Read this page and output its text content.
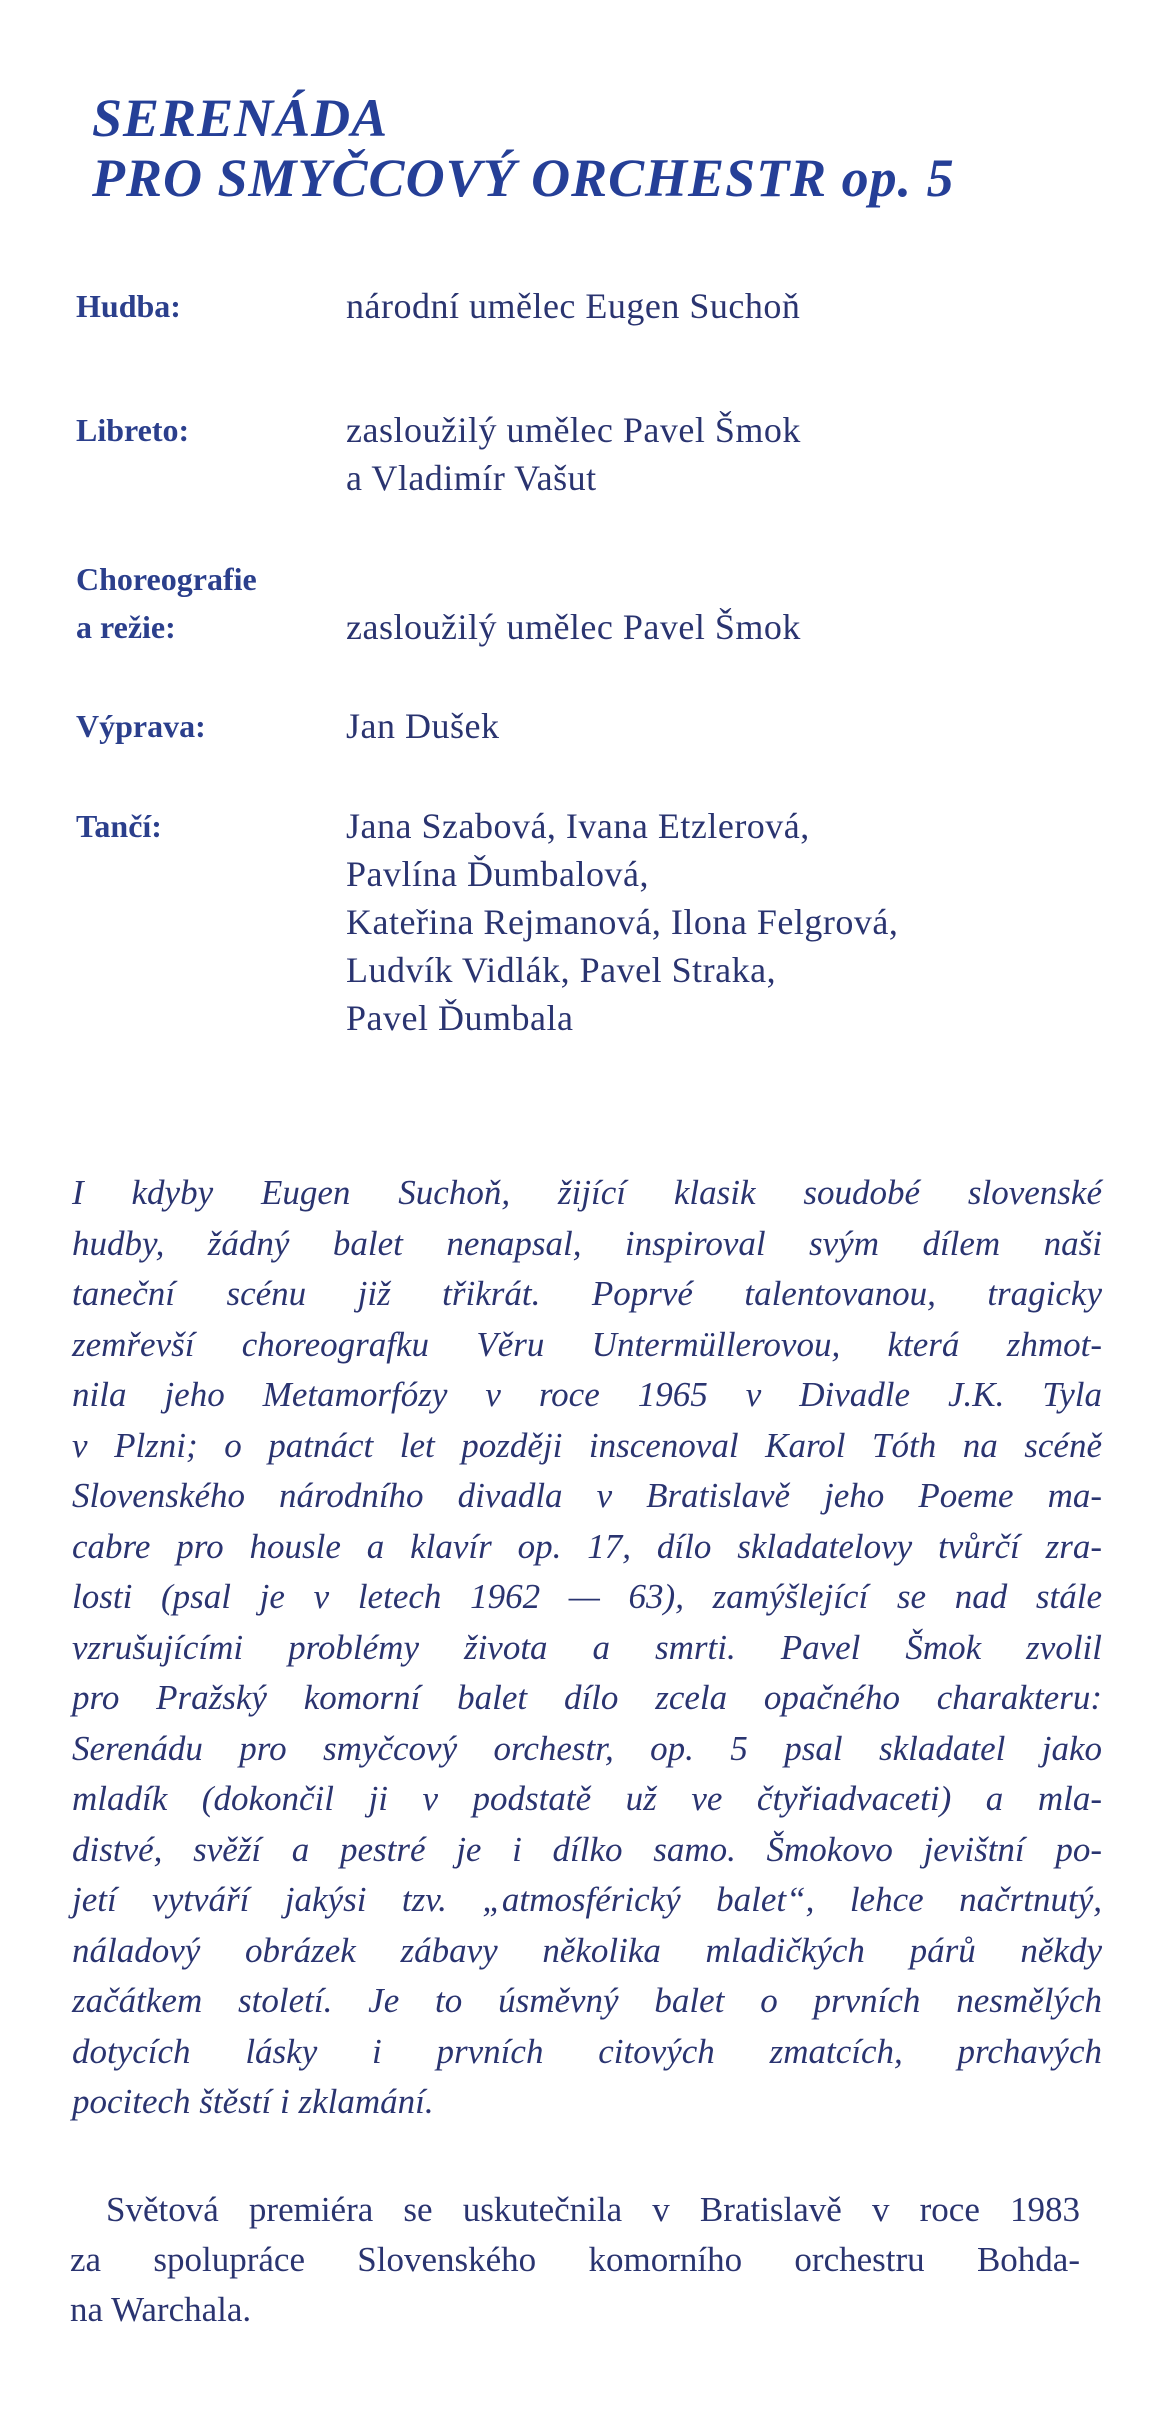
SERENÁDA
PRO SMYČCOVÝ ORCHESTR op. 5
Hudba:	národní umělec Eugen Suchoň
Libreto:	zasloužilý umělec Pavel Šmok
a Vladimír Vašut
Choreografie
a režie:	zasloužilý umělec Pavel Šmok
Výprava:	Jan Dušek
Tančí:	Jana Szabová, Ivana Etzlerová,
Pavlína Ďumbalová,
Kateřina Rejmanová, Ilona Felgrová,
Ludvík Vidlák, Pavel Straka,
Pavel Ďumbala
I kdyby Eugen Suchoň, žijící klasik soudobé slovenské
hudby, žádný balet nenapsal, inspiroval svým dílem naši
taneční scénu již třikrát. Poprvé talentovanou, tragicky
zemřevší choreografku Věru Untermüllerovou, která zhmot-
nila jeho Metamorfózy v roce 1965 v Divadle J.K. Tyla
v Plzni; o patnáct let později inscenoval Karol Tóth na scéně
Slovenského národního divadla v Bratislavě jeho Poeme ma-
cabre pro housle a klavír op. 17, dílo skladatelovy tvůrčí zra-
losti (psal je v letech 1962 — 63), zamýšlející se nad stále
vzrušujícími problémy života a smrti. Pavel Šmok zvolil
pro Pražský komorní balet dílo zcela opačného charakteru:
Serenádu pro smyčcový orchestr, op. 5 psal skladatel jako
mladík (dokončil ji v podstatě už ve čtyřiadvaceti) a mla-
distvé, svěží a pestré je i dílko samo. Šmokovo jevištní po-
jetí vytváří jakýsi tzv. „atmosférický balet“, lehce načrtnutý,
náladový obrázek zábavy několika mladičkých párů někdy
začátkem století. Je to úsměvný balet o prvních nesmělých
dotycích lásky i prvních citových zmatcích, prchavých
pocitech štěstí i zklamání.
Světová premiéra se uskutečnila v Bratislavě v roce 1983
za spolupráce Slovenského komorního orchestru Bohda-
na Warchala.
